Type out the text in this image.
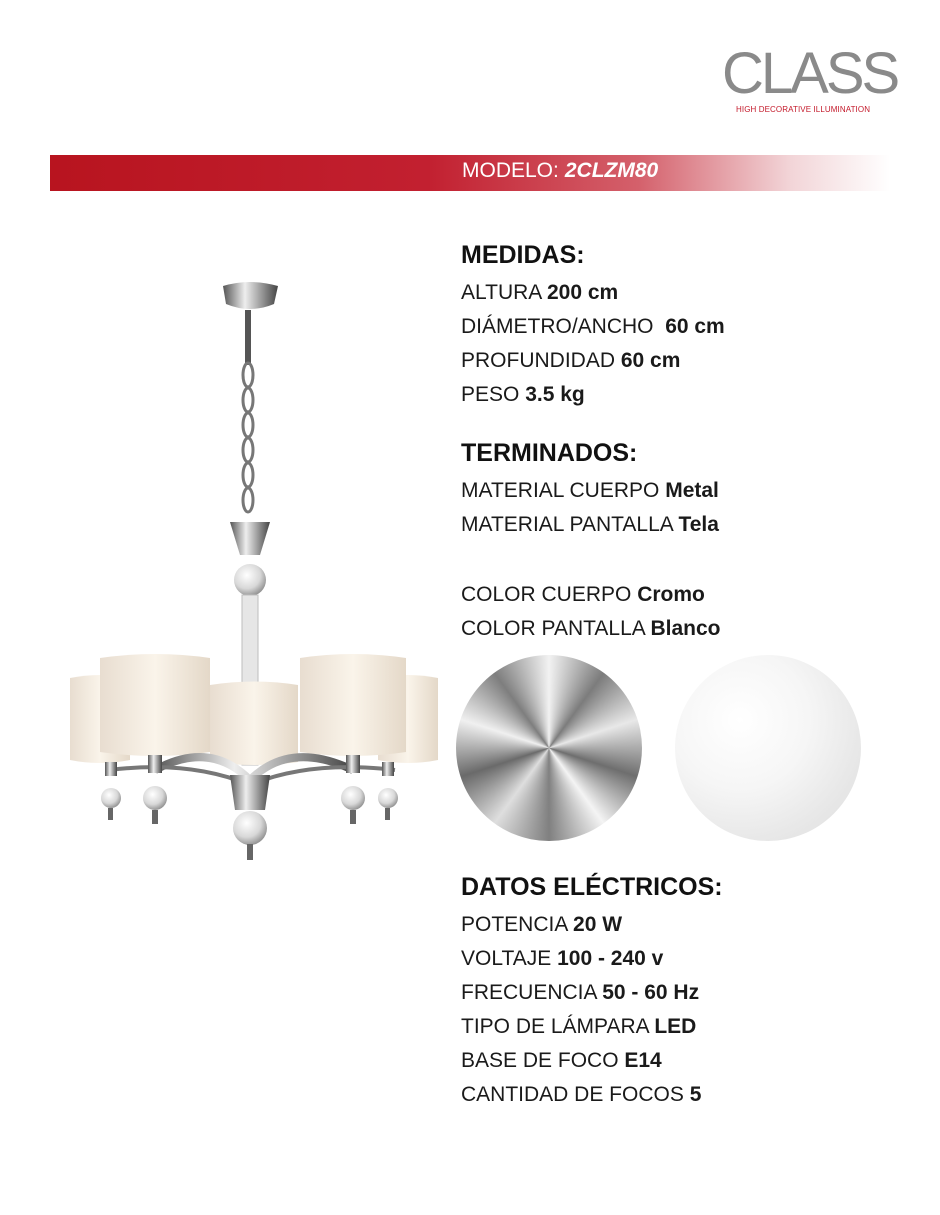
CLASS
HIGH DECORATIVE ILLUMINATION
MODELO: 2CLZM80
MEDIDAS:
ALTURA 200 cm
DIÁMETRO/ANCHO  60 cm
PROFUNDIDAD 60 cm
PESO 3.5 kg
TERMINADOS:
MATERIAL CUERPO Metal
MATERIAL PANTALLA Tela
COLOR CUERPO Cromo
COLOR PANTALLA Blanco
DATOS ELÉCTRICOS:
POTENCIA 20 W
VOLTAJE 100 - 240 v
FRECUENCIA 50 - 60 Hz
TIPO DE LÁMPARA LED
BASE DE FOCO E14
CANTIDAD DE FOCOS 5
